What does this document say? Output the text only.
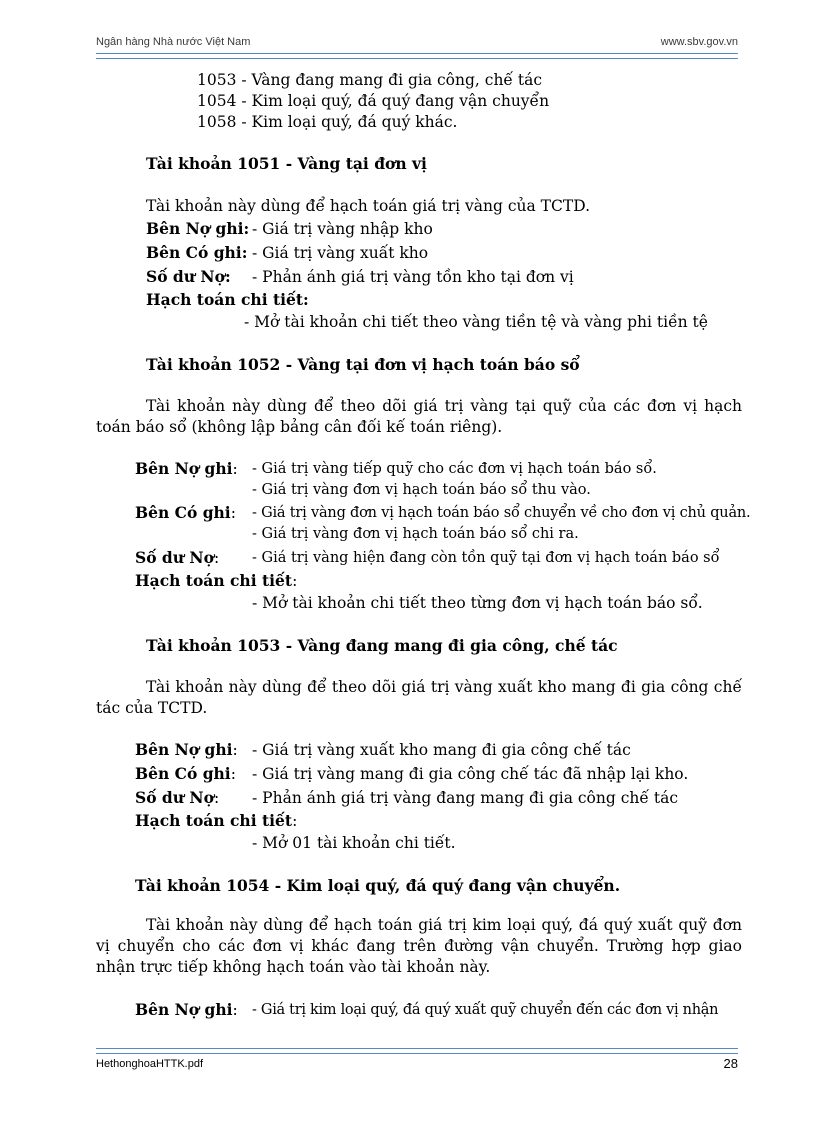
Ngân hàng Nhà nước Việt Nam	www.sbv.gov.vn
1053 - Vàng đang mang đi gia công, chế tác
1054 - Kim loại quý, đá quý đang vận chuyển
1058 - Kim loại quý, đá quý khác.
Tài khoản 1051 - Vàng tại đơn vị
Tài khoản này dùng để hạch toán giá trị vàng của TCTD.
Bên Nợ ghi: - Giá trị vàng nhập kho
Bên Có ghi: - Giá trị vàng xuất kho
Số dư Nợ: - Phản ánh giá trị vàng tồn kho tại đơn vị
Hạch toán chi tiết:
- Mở tài khoản chi tiết theo vàng tiền tệ và vàng phi tiền tệ
Tài khoản 1052 - Vàng tại đơn vị hạch toán báo sổ
Tài khoản này dùng để theo dõi giá trị vàng tại quỹ của các đơn vị hạch toán báo sổ (không lập bảng cân đối kế toán riêng).
Bên Nợ ghi: - Giá trị vàng tiếp quỹ cho các đơn vị hạch toán báo sổ.
- Giá trị vàng đơn vị hạch toán báo sổ thu vào.
Bên Có ghi: - Giá trị vàng đơn vị hạch toán báo sổ chuyển về cho đơn vị chủ quản.
- Giá trị vàng đơn vị hạch toán báo sổ chi ra.
Số dư Nợ: - Giá trị vàng hiện đang còn tồn quỹ tại đơn vị hạch toán báo sổ
Hạch toán chi tiết:
- Mở tài khoản chi tiết theo từng đơn vị hạch toán báo sổ.
Tài khoản 1053 - Vàng đang mang đi gia công, chế tác
Tài khoản này dùng để theo dõi giá trị vàng xuất kho mang đi gia công chế tác của TCTD.
Bên Nợ ghi: - Giá trị vàng xuất kho mang đi gia công chế tác
Bên Có ghi: - Giá trị vàng mang đi gia công chế tác đã nhập lại kho.
Số dư Nợ: - Phản ánh giá trị vàng đang mang đi gia công chế tác
Hạch toán chi tiết:
- Mở 01 tài khoản chi tiết.
Tài khoản 1054 - Kim loại quý, đá quý đang vận chuyển.
Tài khoản này dùng để hạch toán giá trị kim loại quý, đá quý xuất quỹ đơn vị chuyển cho các đơn vị khác đang trên đường vận chuyển. Trường hợp giao nhận trực tiếp không hạch toán vào tài khoản này.
Bên Nợ ghi: - Giá trị kim loại quý, đá quý xuất quỹ chuyển đến các đơn vị nhận
HethonghoaHTTK.pdf	28
